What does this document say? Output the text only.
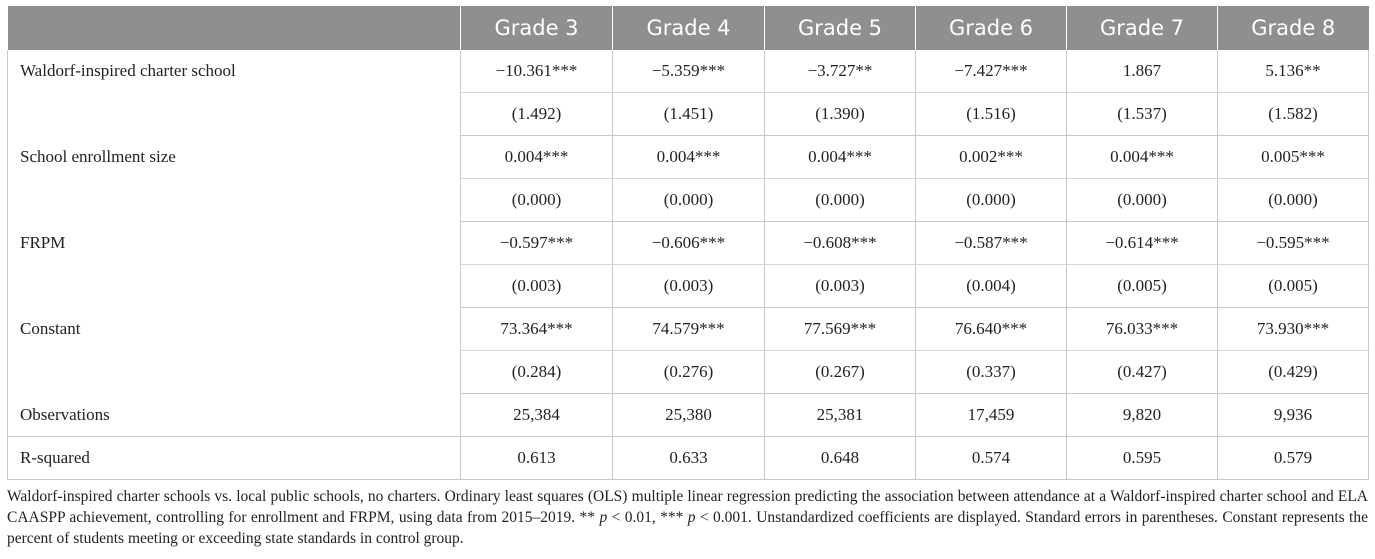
	Grade 3	Grade 4	Grade 5	Grade 6	Grade 7	Grade 8
Waldorf-inspired charter school	−10.361***	−5.359***	−3.727**	−7.427***	1.867	5.136**
	(1.492)	(1.451)	(1.390)	(1.516)	(1.537)	(1.582)
School enrollment size	0.004***	0.004***	0.004***	0.002***	0.004***	0.005***
	(0.000)	(0.000)	(0.000)	(0.000)	(0.000)	(0.000)
FRPM	−0.597***	−0.606***	−0.608***	−0.587***	−0.614***	−0.595***
	(0.003)	(0.003)	(0.003)	(0.004)	(0.005)	(0.005)
Constant	73.364***	74.579***	77.569***	76.640***	76.033***	73.930***
	(0.284)	(0.276)	(0.267)	(0.337)	(0.427)	(0.429)
Observations	25,384	25,380	25,381	17,459	9,820	9,936
R-squared	0.613	0.633	0.648	0.574	0.595	0.579
Waldorf-inspired charter schools vs. local public schools, no charters. Ordinary least squares (OLS) multiple linear regression predicting the association between attendance at a Waldorf-inspired charter school and ELA CAASPP achievement, controlling for enrollment and FRPM, using data from 2015–2019. ** p < 0.01, *** p < 0.001. Unstandardized coefficients are displayed. Standard errors in parentheses. Constant represents the percent of students meeting or exceeding state standards in control group.
